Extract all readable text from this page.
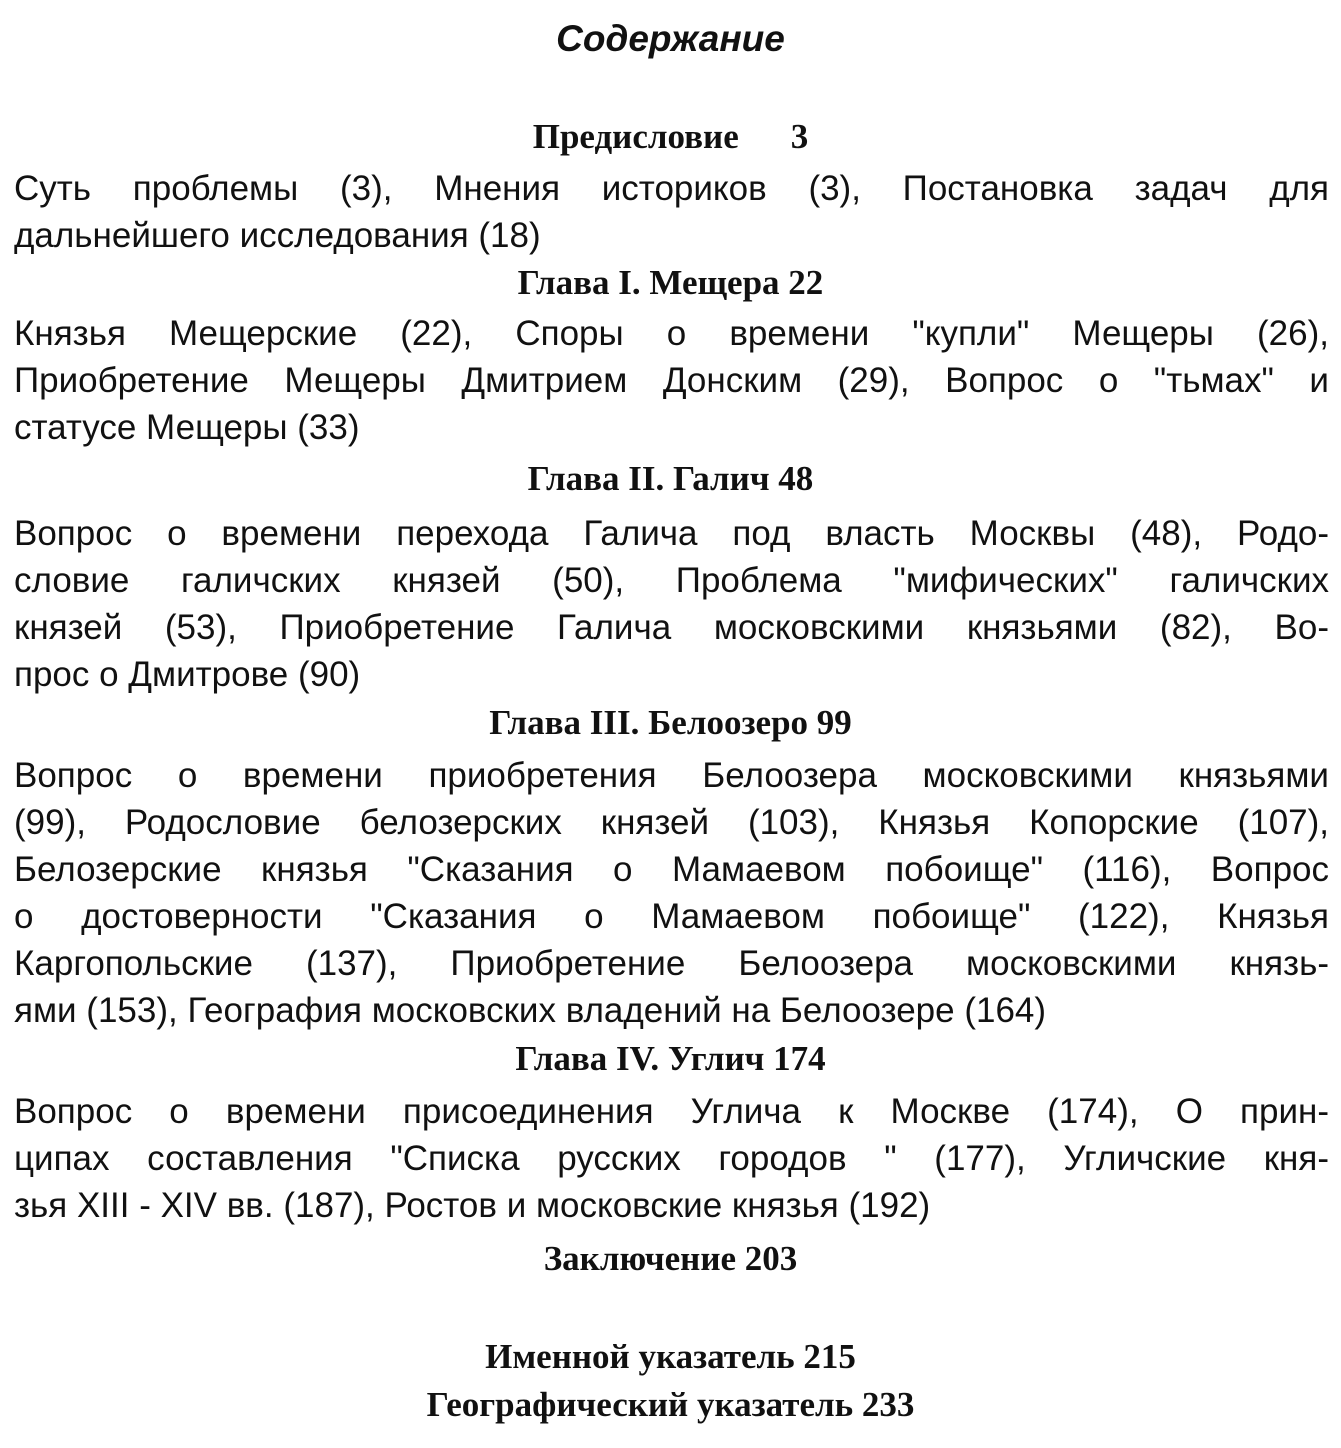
Содержание
Предисловие 3
Суть проблемы (3), Мнения историков (3), Постановка задач для
дальнейшего исследования (18)
Глава I. Мещера 22
Князья Мещерские (22), Споры о времени "купли" Мещеры (26),
Приобретение Мещеры Дмитрием Донским (29), Вопрос о "тьмах" и
статусе Мещеры (33)
Глава II. Галич 48
Вопрос о времени перехода Галича под власть Москвы (48), Родо-
словие галичских князей (50), Проблема "мифических" галичских
князей (53), Приобретение Галича московскими князьями (82), Во-
прос о Дмитрове (90)
Глава III. Белоозеро 99
Вопрос о времени приобретения Белоозера московскими князьями
(99), Родословие белозерских князей (103), Князья Копорские (107),
Белозерские князья "Сказания о Мамаевом побоище" (116), Вопрос
о достоверности "Сказания о Мамаевом побоище" (122), Князья
Каргопольские (137), Приобретение Белоозера московскими князь-
ями (153), География московских владений на Белоозере (164)
Глава IV. Углич 174
Вопрос о времени присоединения Углича к Москве (174), О прин-
ципах составления "Списка русских городов " (177), Угличские кня-
зья XIII - XIV вв. (187), Ростов и московские князья (192)
Заключение 203
Именной указатель 215
Географический указатель 233
